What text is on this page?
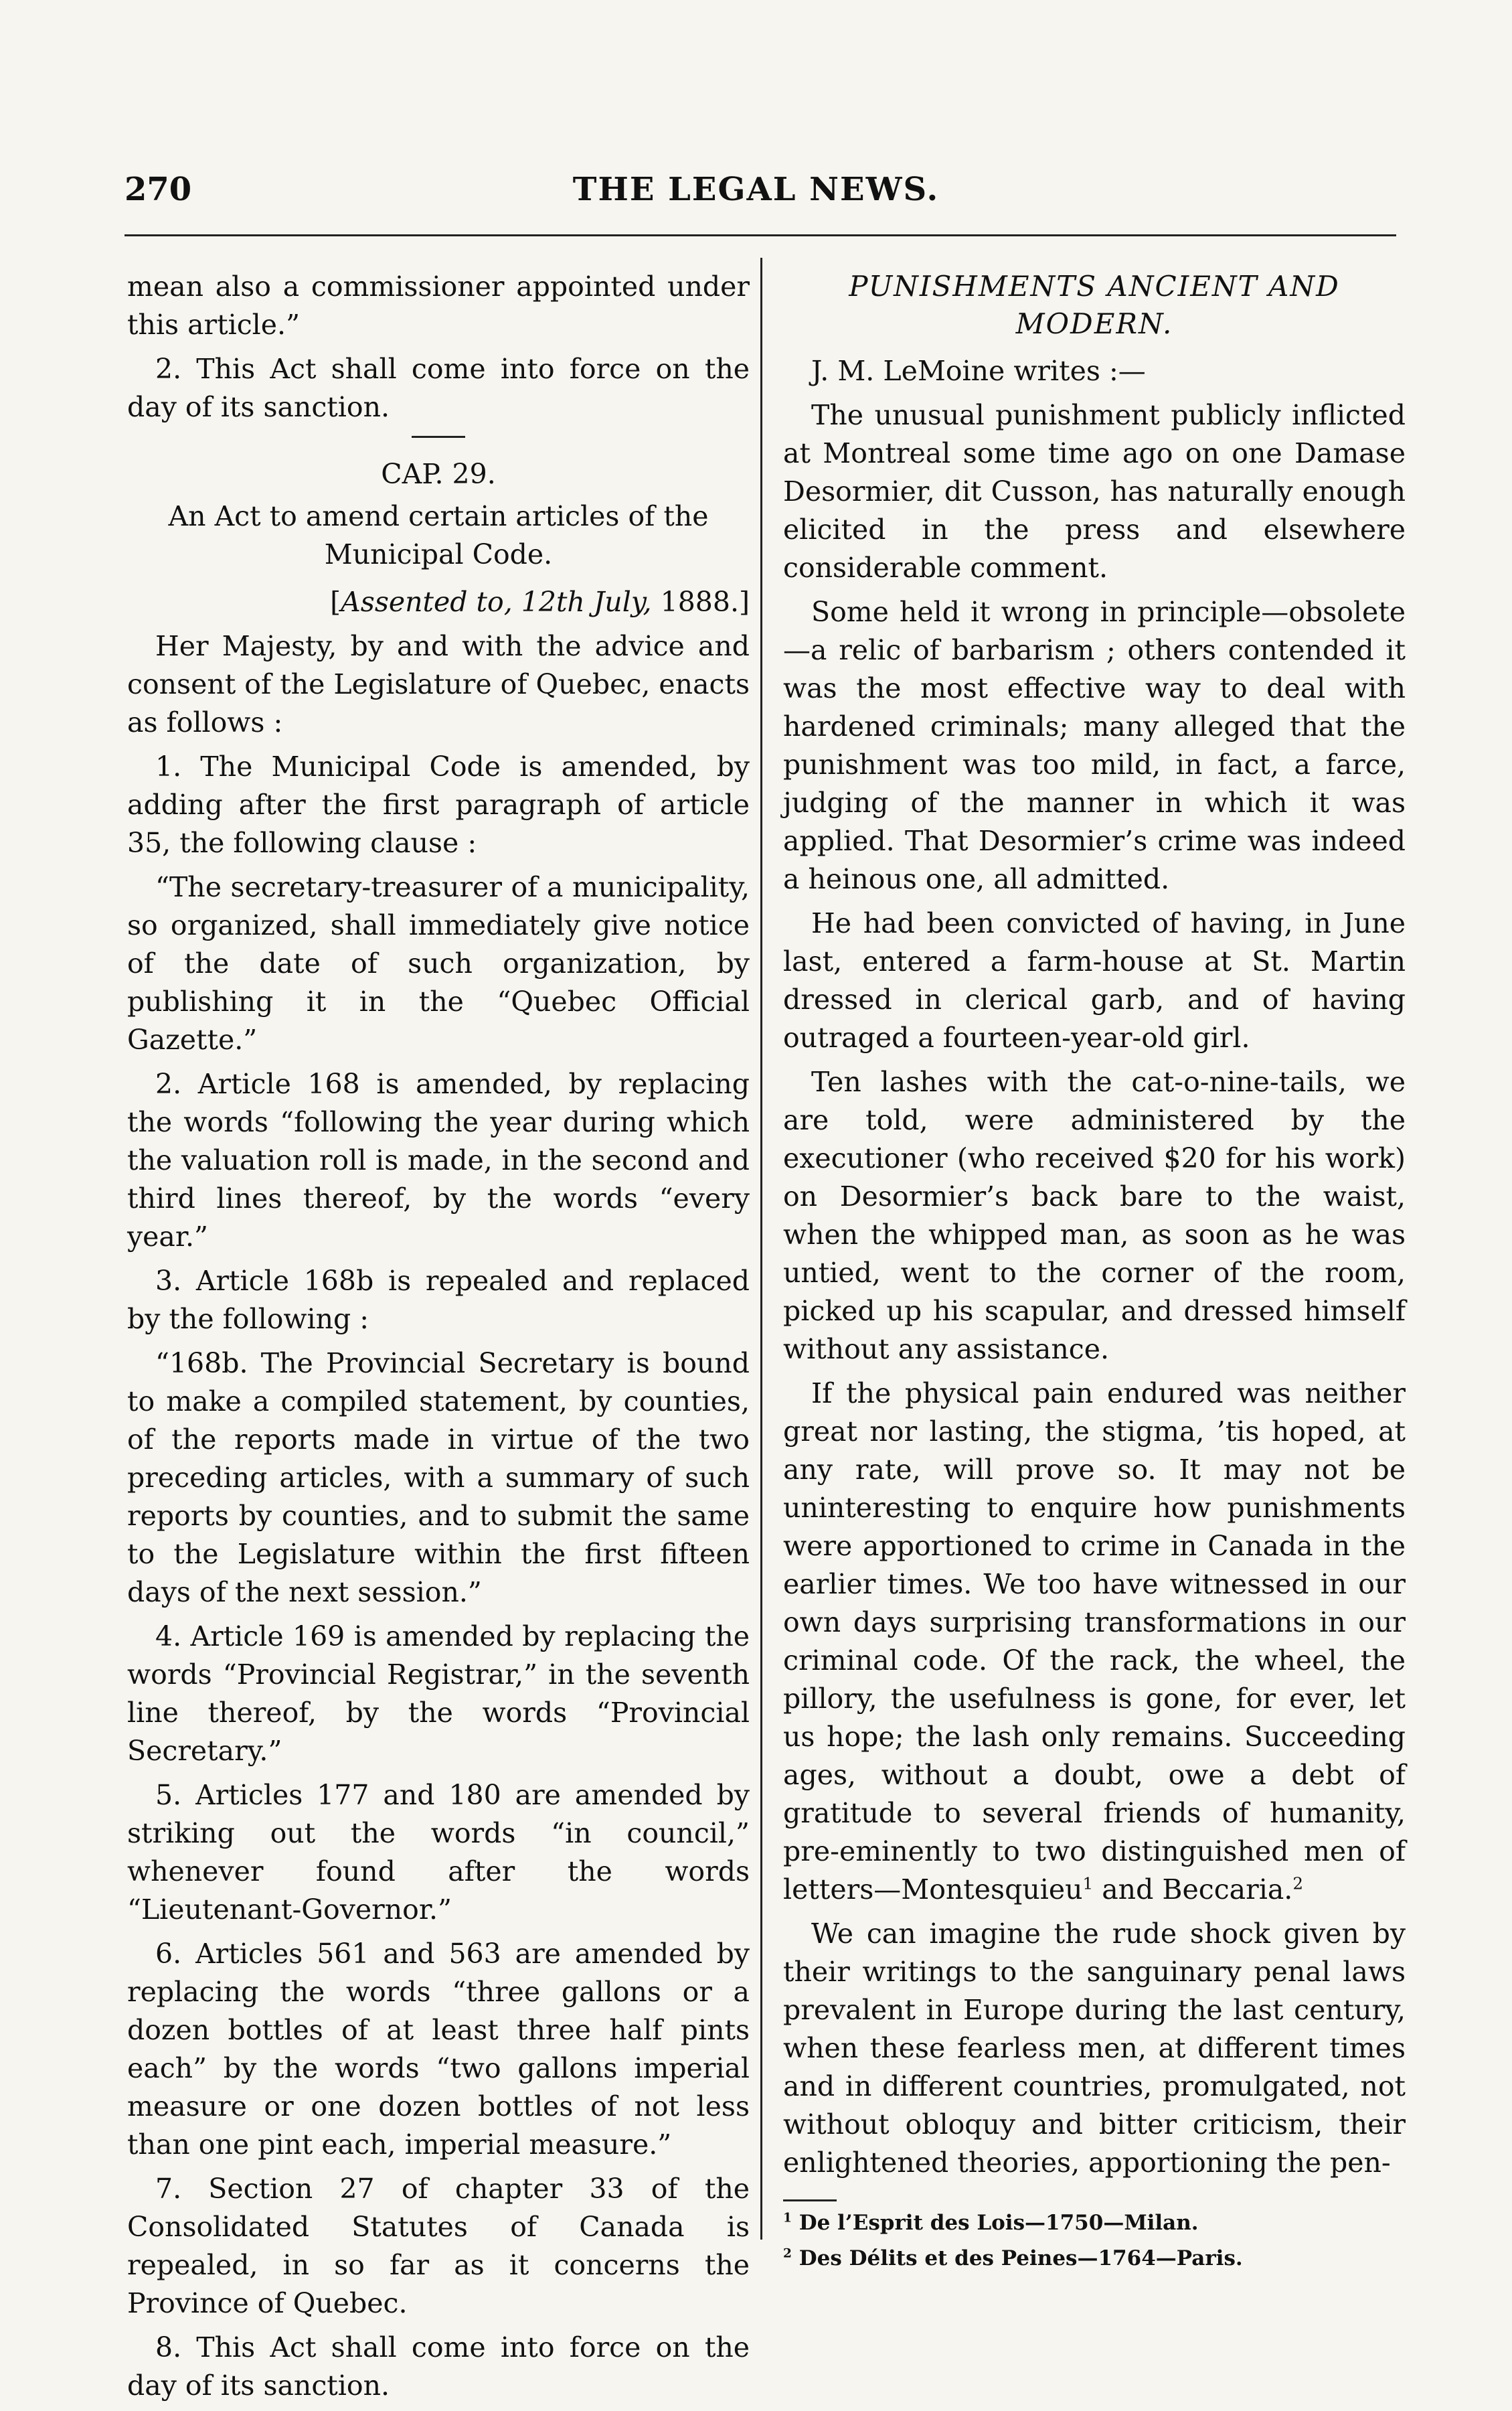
270	THE LEGAL NEWS.

mean also a commissioner appointed under this article.”

2. This Act shall come into force on the day of its sanction.

CAP. 29.
An Act to amend certain articles of the Municipal Code.

[Assented to, 12th July, 1888.]

Her Majesty, by and with the advice and consent of the Legislature of Quebec, enacts as follows :

1. The Municipal Code is amended, by adding after the first paragraph of article 35, the following clause :

“The secretary-treasurer of a municipality, so organized, shall immediately give notice of the date of such organization, by publishing it in the “Quebec Official Gazette.”

2. Article 168 is amended, by replacing the words “following the year during which the valuation roll is made, in the second and third lines thereof, by the words “every year.”

3. Article 168b is repealed and replaced by the following :

“168b. The Provincial Secretary is bound to make a compiled statement, by counties, of the reports made in virtue of the two preceding articles, with a summary of such reports by counties, and to submit the same to the Legislature within the first fifteen days of the next session.”

4. Article 169 is amended by replacing the words “Provincial Registrar,” in the seventh line thereof, by the words “Provincial Secretary.”

5. Articles 177 and 180 are amended by striking out the words “in council,” whenever found after the words “Lieutenant-Governor.”

6. Articles 561 and 563 are amended by replacing the words “three gallons or a dozen bottles of at least three half pints each” by the words “two gallons imperial measure or one dozen bottles of not less than one pint each, imperial measure.”

7. Section 27 of chapter 33 of the Consolidated Statutes of Canada is repealed, in so far as it concerns the Province of Quebec.

8. This Act shall come into force on the day of its sanction.

PUNISHMENTS ANCIENT AND MODERN.

J. M. LeMoine writes :—

The unusual punishment publicly inflicted at Montreal some time ago on one Damase Desormier, dit Cusson, has naturally enough elicited in the press and elsewhere considerable comment.

Some held it wrong in principle—obsolete —a relic of barbarism ; others contended it was the most effective way to deal with hardened criminals; many alleged that the punishment was too mild, in fact, a farce, judging of the manner in which it was applied. That Desormier’s crime was indeed a heinous one, all admitted.

He had been convicted of having, in June last, entered a farm-house at St. Martin dressed in clerical garb, and of having outraged a fourteen-year-old girl.

Ten lashes with the cat-o-nine-tails, we are told, were administered by the executioner (who received $20 for his work) on Desormier’s back bare to the waist, when the whipped man, as soon as he was untied, went to the corner of the room, picked up his scapular, and dressed himself without any assistance.

If the physical pain endured was neither great nor lasting, the stigma, ’tis hoped, at any rate, will prove so. It may not be uninteresting to enquire how punishments were apportioned to crime in Canada in the earlier times. We too have witnessed in our own days surprising transformations in our criminal code. Of the rack, the wheel, the pillory, the usefulness is gone, for ever, let us hope; the lash only remains. Succeeding ages, without a doubt, owe a debt of gratitude to several friends of humanity, pre-eminently to two distinguished men of letters—Montesquieu$^1$ and Beccaria.$^2$

We can imagine the rude shock given by their writings to the sanguinary penal laws prevalent in Europe during the last century, when these fearless men, at different times and in different countries, promulgated, not without obloquy and bitter criticism, their enlightened theories, apportioning the pen-

$^1$ De l’Esprit des Lois—1750—Milan.

$^2$ Des Délits et des Peines—1764—Paris.
